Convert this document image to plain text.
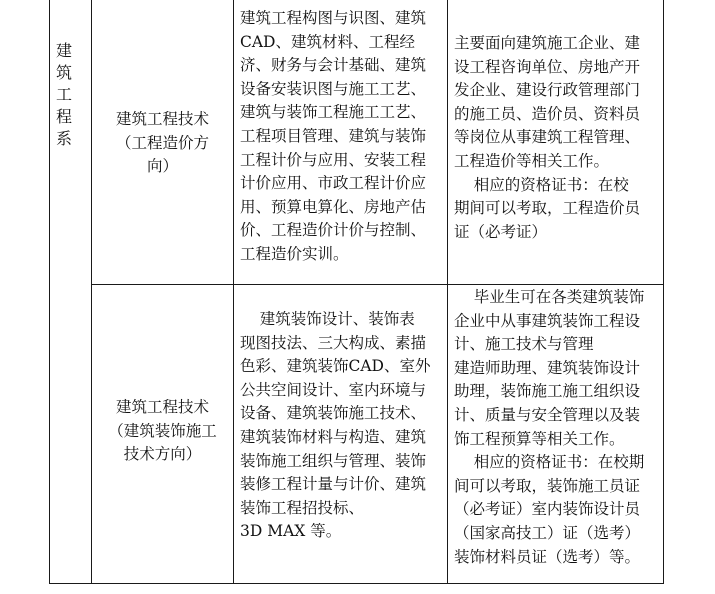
建筑工程系
建筑工程技术
（工程造价方
向）
建筑工程构图与识图、建筑
CAD、建筑材料、工程经
济、财务与会计基础、建筑
设备安装识图与施工工艺、
建筑与装饰工程施工工艺、
工程项目管理、建筑与装饰
工程计价与应用、安装工程
计价应用、市政工程计价应
用、预算电算化、房地产估
价、工程造价计价与控制、
工程造价实训。
主要面向建筑施工企业、建
设工程咨询单位、房地产开
发企业、建设行政管理部门
的施工员、造价员、资料员
等岗位从事建筑工程管理、
工程造价等相关工作。
相应的资格证书：在校
期间可以考取，工程造价员
证（必考证）
建筑工程技术
（建筑装饰施工
技术方向）
建筑装饰设计、装饰表
现图技法、三大构成、素描
色彩、建筑装饰CAD、室外
公共空间设计、室内环境与
设备、建筑装饰施工技术、
建筑装饰材料与构造、建筑
装饰施工组织与管理、装饰
装修工程计量与计价、建筑
装饰工程招投标、
3D MAX 等。
毕业生可在各类建筑装饰
企业中从事建筑装饰工程设
计、施工技术与管理
建造师助理、建筑装饰设计
助理，装饰施工施工组织设
计、质量与安全管理以及装
饰工程预算等相关工作。
相应的资格证书：在校期
间可以考取，装饰施工员证
（必考证）室内装饰设计员
（国家高技工）证（选考）
装饰材料员证（选考）等。
